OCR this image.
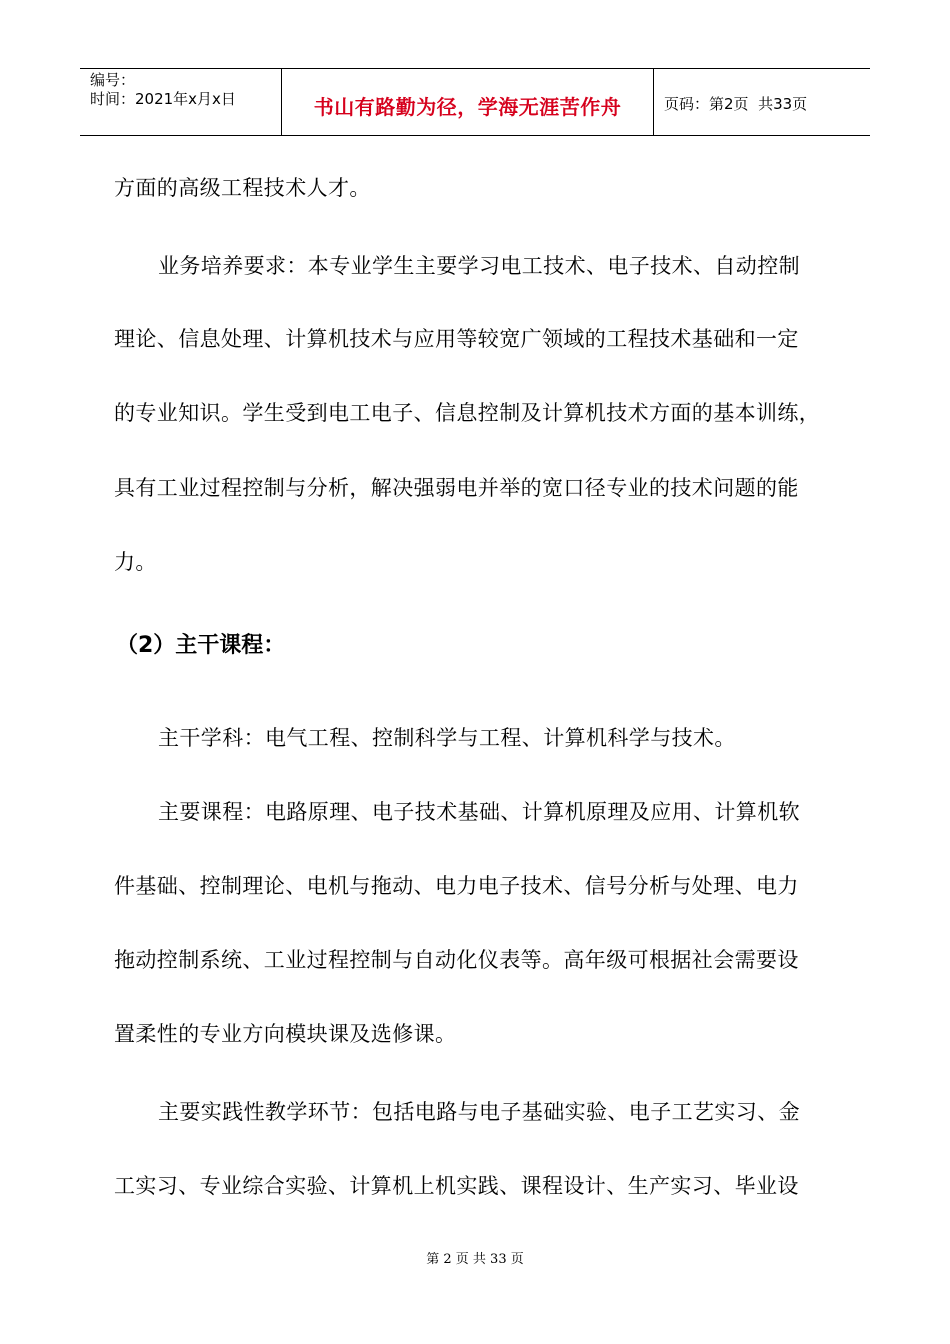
编号：
时间：2021年x月x日	书山有路勤为径，学海无涯苦作舟	页码：第2页  共33页
方面的高级工程技术人才。
业务培养要求：本专业学生主要学习电工技术、电子技术、自动控制
理论、信息处理、计算机技术与应用等较宽广领域的工程技术基础和一定
的专业知识。学生受到电工电子、信息控制及计算机技术方面的基本训练，
具有工业过程控制与分析，解决强弱电并举的宽口径专业的技术问题的能
力。
（2）主干课程：
主干学科：电气工程、控制科学与工程、计算机科学与技术。
主要课程：电路原理、电子技术基础、计算机原理及应用、计算机软
件基础、控制理论、电机与拖动、电力电子技术、信号分析与处理、电力
拖动控制系统、工业过程控制与自动化仪表等。高年级可根据社会需要设
置柔性的专业方向模块课及选修课。
主要实践性教学环节：包括电路与电子基础实验、电子工艺实习、金
工实习、专业综合实验、计算机上机实践、课程设计、生产实习、毕业设
第 2 页 共 33 页
